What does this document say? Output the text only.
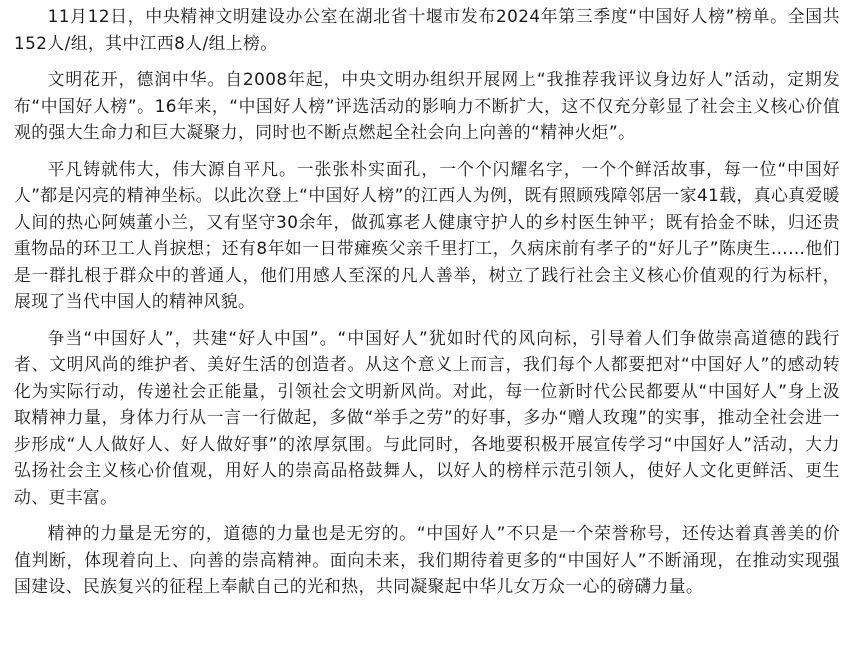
11月12日，中央精神文明建设办公室在湖北省十堰市发布2024年第三季度“中国好人榜”榜单。全国共152人/组，其中江西8人/组上榜。

文明花开，德润中华。自2008年起，中央文明办组织开展网上“我推荐我评议身边好人”活动，定期发布“中国好人榜”。16年来，“中国好人榜”评选活动的影响力不断扩大，这不仅充分彰显了社会主义核心价值观的强大生命力和巨大凝聚力，同时也不断点燃起全社会向上向善的“精神火炬”。

平凡铸就伟大，伟大源自平凡。一张张朴实面孔，一个个闪耀名字，一个个鲜活故事，每一位“中国好人”都是闪亮的精神坐标。以此次登上“中国好人榜”的江西人为例，既有照顾残障邻居一家41载，真心真爱暖人间的热心阿姨董小兰，又有坚守30余年，做孤寡老人健康守护人的乡村医生钟平；既有拾金不昧，归还贵重物品的环卫工人肖捩想；还有8年如一日带瘫痪父亲千里打工，久病床前有孝子的“好儿子”陈庚生……他们是一群扎根于群众中的普通人，他们用感人至深的凡人善举，树立了践行社会主义核心价值观的行为标杆，展现了当代中国人的精神风貌。

争当“中国好人”，共建“好人中国”。“中国好人”犹如时代的风向标，引导着人们争做崇高道德的践行者、文明风尚的维护者、美好生活的创造者。从这个意义上而言，我们每个人都要把对“中国好人”的感动转化为实际行动，传递社会正能量，引领社会文明新风尚。对此，每一位新时代公民都要从“中国好人”身上汲取精神力量，身体力行从一言一行做起，多做“举手之劳”的好事，多办“赠人玫瑰”的实事，推动全社会进一步形成“人人做好人、好人做好事”的浓厚氛围。与此同时，各地要积极开展宣传学习“中国好人”活动，大力弘扬社会主义核心价值观，用好人的崇高品格鼓舞人，以好人的榜样示范引领人，使好人文化更鲜活、更生动、更丰富。

精神的力量是无穷的，道德的力量也是无穷的。“中国好人”不只是一个荣誉称号，还传达着真善美的价值判断，体现着向上、向善的崇高精神。面向未来，我们期待着更多的“中国好人”不断涌现，在推动实现强国建设、民族复兴的征程上奉献自己的光和热，共同凝聚起中华儿女万众一心的磅礴力量。
